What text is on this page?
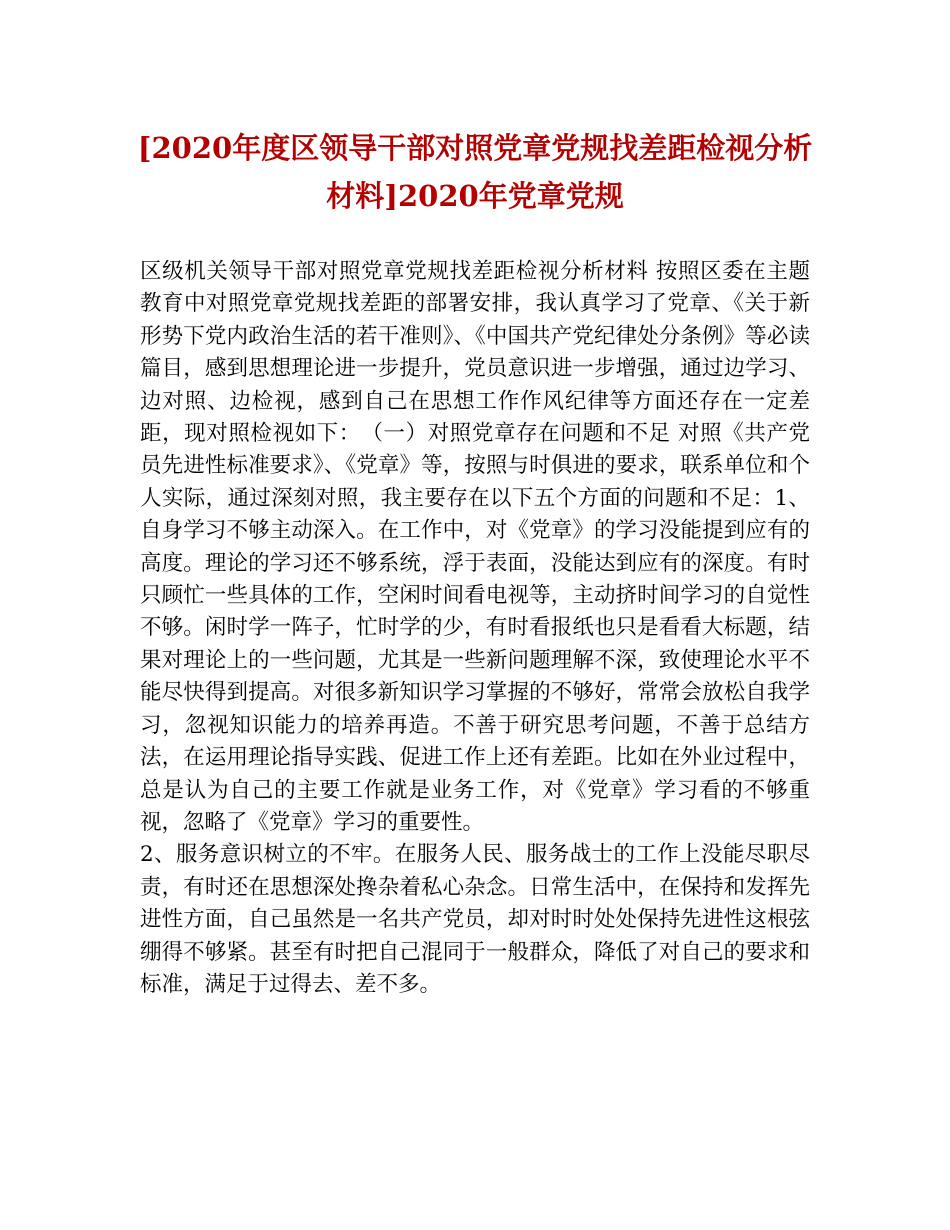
[2020年度区领导干部对照党章党规找差距检视分析
材料]2020年党章党规

区级机关领导干部对照党章党规找差距检视分析材料 按照区委在主题教育中对照党章党规找差距的部署安排，我认真学习了党章、《关于新形势下党内政治生活的若干准则》、《中国共产党纪律处分条例》等必读篇目，感到思想理论进一步提升，党员意识进一步增强，通过边学习、边对照、边检视，感到自己在思想工作作风纪律等方面还存在一定差距，现对照检视如下：　（一）对照党章存在问题和不足 对照《共产党员先进性标准要求》、《党章》等，按照与时俱进的要求，联系单位和个人实际，通过深刻对照，我主要存在以下五个方面的问题和不足：1、自身学习不够主动深入。在工作中，对《党章》的学习没能提到应有的高度。理论的学习还不够系统，浮于表面，没能达到应有的深度。有时只顾忙一些具体的工作，空闲时间看电视等，主动挤时间学习的自觉性不够。闲时学一阵子，忙时学的少，有时看报纸也只是看看大标题，结果对理论上的一些问题，尤其是一些新问题理解不深，致使理论水平不能尽快得到提高。对很多新知识学习掌握的不够好，常常会放松自我学习，忽视知识能力的培养再造。不善于研究思考问题，不善于总结方法，在运用理论指导实践、促进工作上还有差距。比如在外业过程中，总是认为自己的主要工作就是业务工作，对《党章》学习看的不够重视，忽略了《党章》学习的重要性。

2、服务意识树立的不牢。在服务人民、服务战士的工作上没能尽职尽责，有时还在思想深处搀杂着私心杂念。日常生活中，在保持和发挥先进性方面，自己虽然是一名共产党员，却对时时处处保持先进性这根弦绷得不够紧。甚至有时把自己混同于一般群众，降低了对自己的要求和标准，满足于过得去、差不多。
